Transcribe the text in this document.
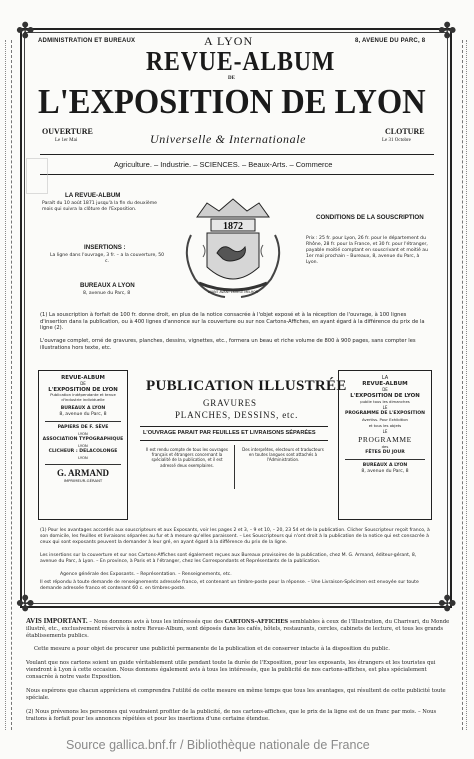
✤	✤
✤	✤
ADMINISTRATION ET BUREAUX	A LYON	8, AVENUE DU PARC, 8
REVUE-ALBUM
DE
L'EXPOSITION DE LYON
OUVERTURE
Le 1er Mai	Universelle & Internationale
CLOTURE
Le 31 Octobre
Agriculture. – Industrie. – SCIENCES. – Beaux-Arts. – Commerce
LA REVUE-ALBUM
Paraît du 10 août 1871 jusqu'à la fin du deuxième mois qui suivra la clôture de l'Exposition.
INSERTIONS :
La ligne dans l'ouvrage, 3 fr. – a la couverture, 50 c.
BUREAUX A LYON
8, avenue du Parc, 8
1872
AVANT AVANT LION LE MELHOR
CONDITIONS DE LA SOUSCRIPTION
Prix : 25 fr. pour Lyon, 26 fr. pour le département du Rhône, 28 fr. pour la France, et 30 fr. pour l'étranger, payable moitié comptant en souscrivant et moitié au 1er mai prochain – Bureaux, 8, avenue du Parc, à Lyon.
(1) La souscription à forfait de 100 fr. donne droit, en plus de la notice consacrée à l'objet exposé et à la réception de l'ouvrage, à 100 lignes d'insertion dans la publication, ou à 400 lignes d'annonce sur la couverture ou sur nos Cartons-Affiches, en ayant égard à la différence du prix de la ligne (2).
L'ouvrage complet, orné de gravures, planches, dessins, vignettes, etc., formera un beau et riche volume de 800 à 900 pages, sans compter les illustrations hors texte, etc.
REVUE-ALBUM
DE
L'EXPOSITION DE LYON
Publication indépendante et tenue d'industrie individuelle
BUREAUX A LYON
8, avenue du Parc, 8
PAPIERS DE F. SÈVE
LYON
ASSOCIATION TYPOGRAPHIQUE
LYON
CLICHEUR : DELACOLONGE
LYON
G. ARMAND
IMPRIMEUR-GÉRANT
PUBLICATION ILLUSTRÉE
GRAVURES
PLANCHES, DESSINS, etc.
L'OUVRAGE PARAIT PAR FEUILLES ET LIVRAISONS SÉPARÉES
Il est rendu compte de tous les ouvrages français et étrangers concernant la spécialité de la publication, et il est adressé deux exemplaires.
Des interprètes, electeurs et traducteurs en toutes langues sont attachés à l'Administration.
LA
REVUE-ALBUM
DE
L'EXPOSITION DE LYON
publie tous les dimanches
LE
PROGRAMME DE L'EXPOSITION
Avertiss. Pour Exhibition
et tous les objets
LE
PROGRAMME
des
FÊTES DU JOUR
BUREAUX A LYON
8, avenue du Parc, 8
(1) Pour les avantages accordés aux souscripteurs et aux Exposants, voir les pages 2 et 3, – 9 et 10, – 20, 23 54 et de la publication. Clicher Souscripteur reçoit franco, à son domicile, les feuilles et livraisons séparées au fur et à mesure qu'elles paraissent. – Les Souscripteurs qui n'ont droit à la publication de la notice qui est consacrée à ceux qui sont exposants peuvent la demander à leur gré, en ayant égard à la différence du prix de la ligne.
Les insertions sur la couverture et sur nos Cartons-Affiches sont également reçues aux Bureaux provisoires de la publication, chez M. G. Armand, éditeur-gérant, 8, avenue du Parc, à Lyon. – En province, à Paris et à l'étranger, chez les Correspondants et Représentants de la publication.
Agence générale des Exposants. – Représentation. – Renseignements, etc.
Il est répondu à toute demande de renseignements adressée franco, et contenant un timbre-poste pour la réponse. – Une Livraison-Spécimen est envoyée sur toute demande adressée franco et contenant 60 c. en timbres-poste.
AVIS IMPORTANT. – Nous donnons avis à tous les intéressés que des CARTONS-AFFICHES semblables à ceux de l'Illustration, du Charivari, du Monde illustré, etc., exclusivement réservés à notre Revue-Album, sont déposés dans les cafés, hôtels, restaurants, cercles, cabinets de lecture, et tous les grands établissements publics.
Cette mesure a pour objet de procurer une publicité permanente de la publication et de conserver intacte à la disposition du public.
Voulant que nos cartons soient un guide véritablement utile pendant toute la durée de l'Exposition, pour les exposants, les étrangers et les touristes qui viendront à Lyon à cette occasion. Nous donnons également avis à tous les intéressés, que la publicité de nos cartons-affiches, est plus spécialement consacrée à notre vaste Exposition.
Nous espérons que chacun appréciera et comprendra l'utilité de cette mesure en même temps que tous les avantages, qui résultent de cette publicité toute spéciale.
(2) Nous prévenons les personnes qui voudraient profiter de la publicité, de nos cartons-affiches, que le prix de la ligne est de un franc par mois. – Nous traitons à forfait pour les annonces répétées et pour les insertions d'une certaine étendue.
Source gallica.bnf.fr / Bibliothèque nationale de France
